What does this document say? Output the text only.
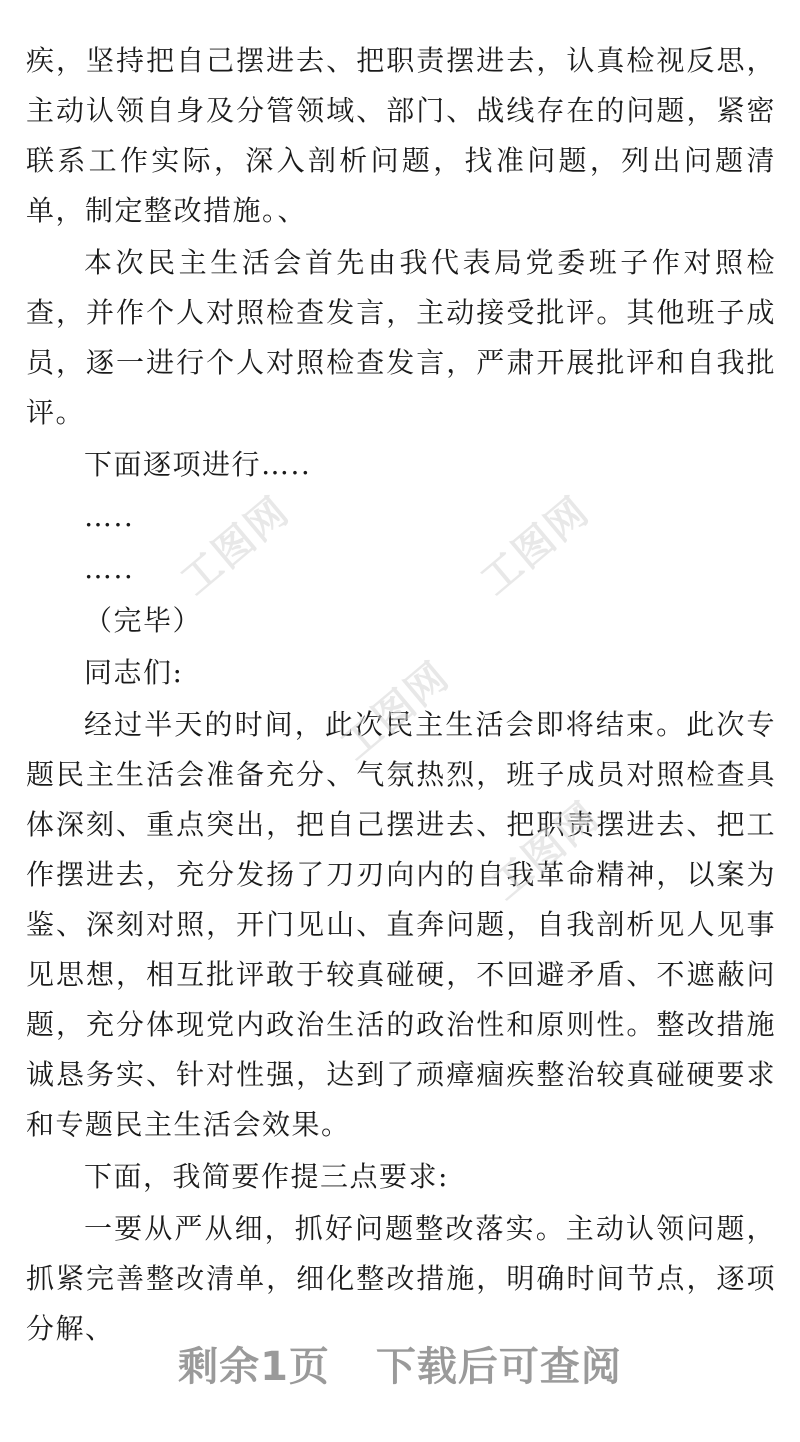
疾，坚持把自己摆进去、把职责摆进去，认真检视反思，主动认领自身及分管领域、部门、战线存在的问题，紧密联系工作实际，深入剖析问题，找准问题，列出问题清单，制定整改措施。、

本次民主生活会首先由我代表局党委班子作对照检查，并作个人对照检查发言，主动接受批评。其他班子成员，逐一进行个人对照检查发言，严肃开展批评和自我批评。

下面逐项进行…..

…..

…..

（完毕）

同志们:

经过半天的时间，此次民主生活会即将结束。此次专题民主生活会准备充分、气氛热烈，班子成员对照检查具体深刻、重点突出，把自己摆进去、把职责摆进去、把工作摆进去，充分发扬了刀刃向内的自我革命精神，以案为鉴、深刻对照，开门见山、直奔问题，自我剖析见人见事见思想，相互批评敢于较真碰硬，不回避矛盾、不遮蔽问题，充分体现党内政治生活的政治性和原则性。整改措施诚恳务实、针对性强，达到了顽瘴痼疾整治较真碰硬要求和专题民主生活会效果。

下面，我简要作提三点要求:

一要从严从细，抓好问题整改落实。主动认领问题，抓紧完善整改清单，细化整改措施，明确时间节点，逐项分解、

工图网	工图网
工图网
工图网
剩余1页 下载后可查阅
